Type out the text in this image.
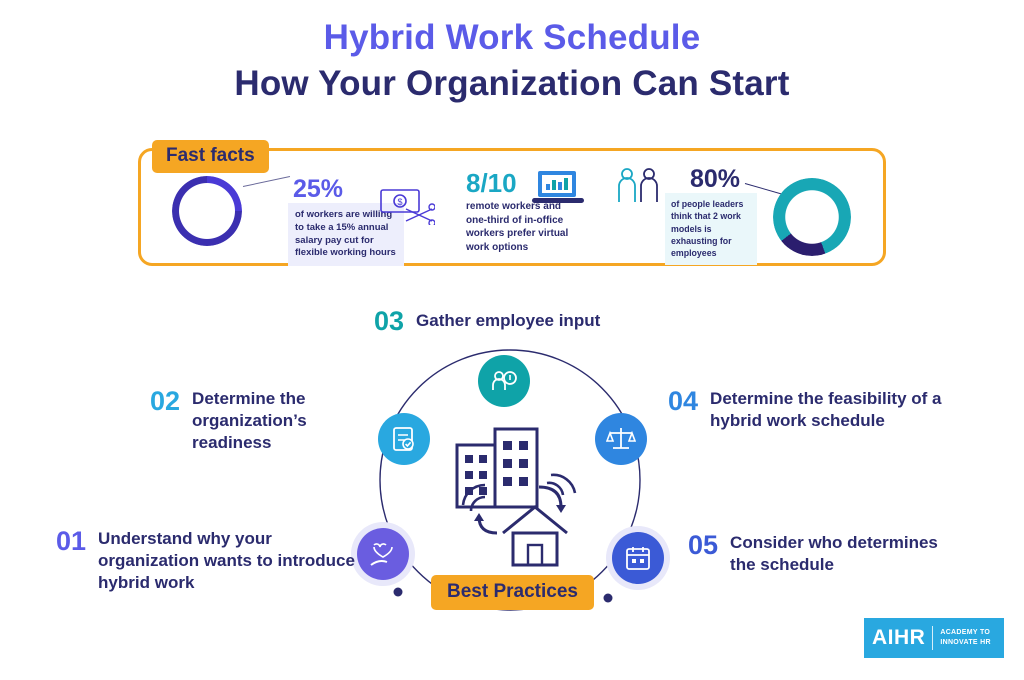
Hybrid Work Schedule
How Your Organization Can Start
Fast facts
25%
of workers are willing to take a 15% annual salary pay cut for flexible working hours
$
8/10
remote workers and one-third of in-office workers prefer virtual work options
80%
of people leaders think that 2 work models is exhausting for employees
Best Practices
01 Understand why your organization wants to introduce hybrid work
02 Determine the organization’s readiness
03 Gather employee input
04 Determine the feasibility of a hybrid work schedule
05 Consider who determines the schedule
AIHR ACADEMY TO
INNOVATE HR
